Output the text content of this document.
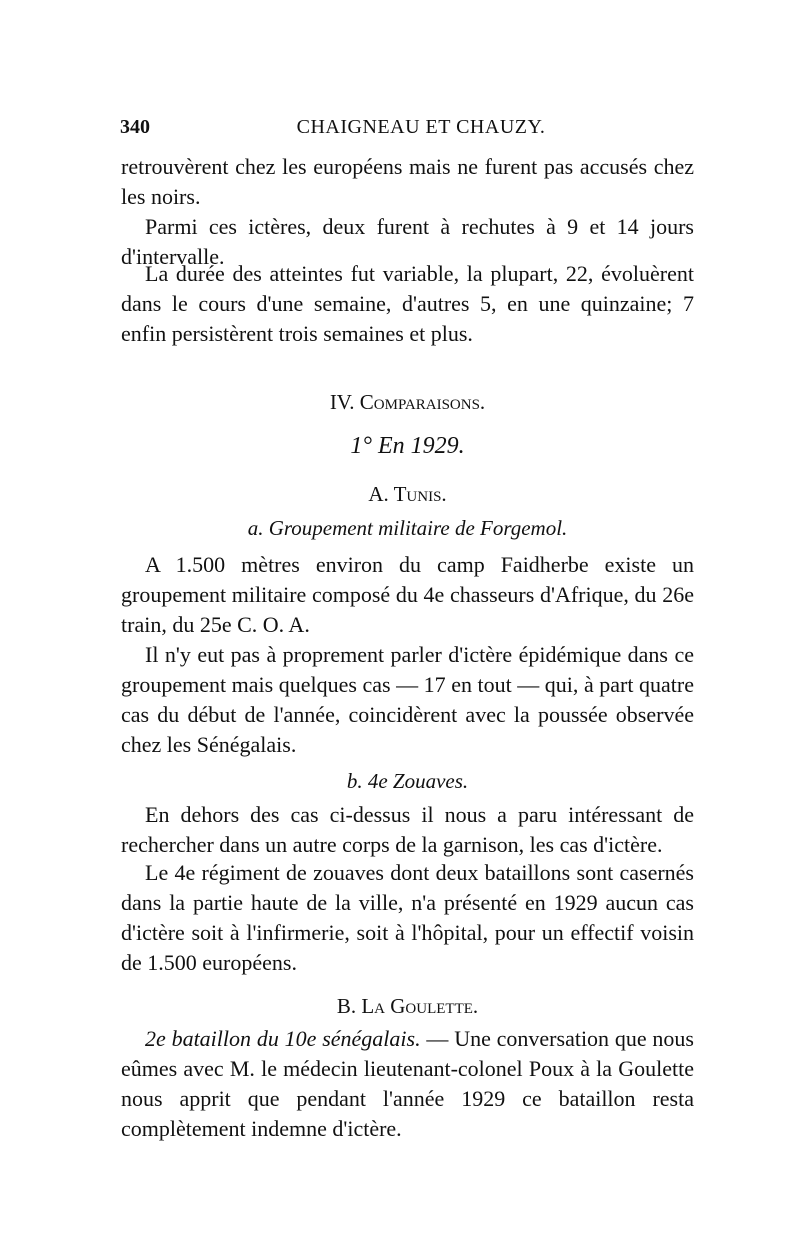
340	CHAIGNEAU ET CHAUZY.

retrouvèrent chez les européens mais ne furent pas accusés chez les noirs.

Parmi ces ictères, deux furent à rechutes à 9 et 14 jours d'intervalle.

La durée des atteintes fut variable, la plupart, 22, évoluèrent dans le cours d'une semaine, d'autres 5, en une quinzaine; 7 enfin persistèrent trois semaines et plus.

IV. Comparaisons.
1° En 1929.
A. Tunis.
a. Groupement militaire de Forgemol.

A 1.500 mètres environ du camp Faidherbe existe un groupement militaire composé du 4e chasseurs d'Afrique, du 26e train, du 25e C. O. A.

Il n'y eut pas à proprement parler d'ictère épidémique dans ce groupement mais quelques cas — 17 en tout — qui, à part quatre cas du début de l'année, coincidèrent avec la poussée observée chez les Sénégalais.

b. 4e Zouaves.

En dehors des cas ci-dessus il nous a paru intéressant de rechercher dans un autre corps de la garnison, les cas d'ictère.

Le 4e régiment de zouaves dont deux bataillons sont casernés dans la partie haute de la ville, n'a présenté en 1929 aucun cas d'ictère soit à l'infirmerie, soit à l'hôpital, pour un effectif voisin de 1.500 européens.

B. La Goulette.

2e bataillon du 10e sénégalais. — Une conversation que nous eûmes avec M. le médecin lieutenant-colonel Poux à la Goulette nous apprit que pendant l'année 1929 ce bataillon resta complètement indemne d'ictère.
